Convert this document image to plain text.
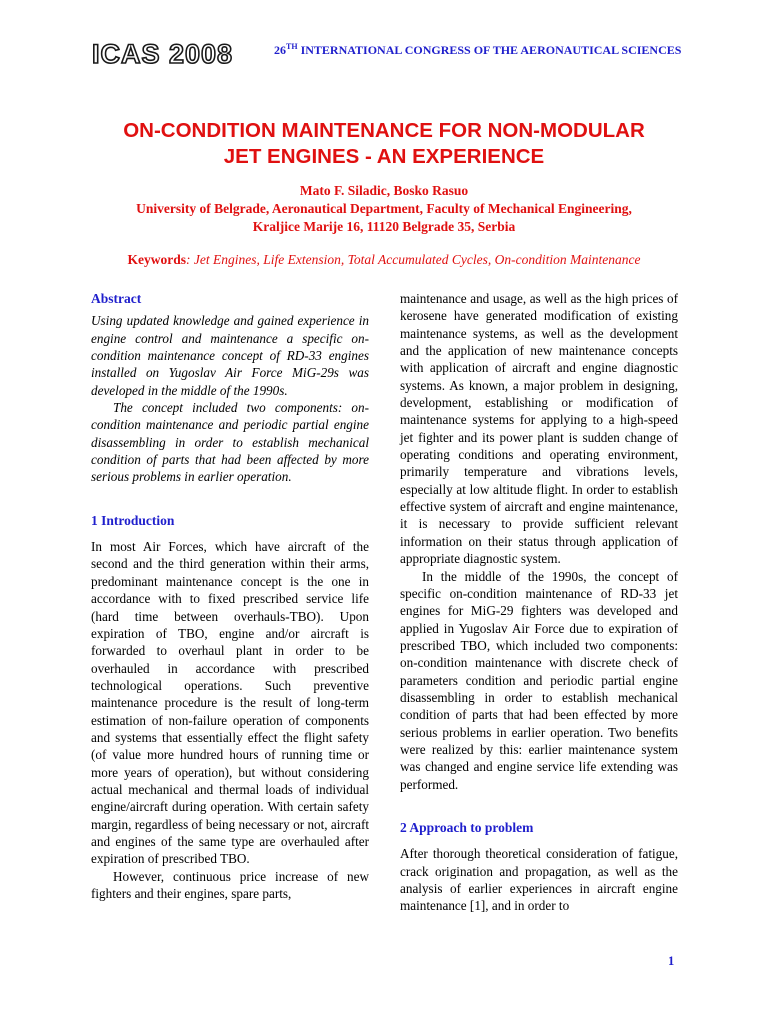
ICAS 2008	26TH INTERNATIONAL CONGRESS OF THE AERONAUTICAL SCIENCES
ON-CONDITION MAINTENANCE FOR NON-MODULAR
JET ENGINES - AN EXPERIENCE
Mato F. Siladic, Bosko Rasuo
University of Belgrade, Aeronautical Department, Faculty of Mechanical Engineering,
Kraljice Marije 16, 11120 Belgrade 35, Serbia
Keywords: Jet Engines, Life Extension, Total Accumulated Cycles, On-condition Maintenance

Abstract

Using updated knowledge and gained experience in engine control and maintenance a specific on-condition maintenance concept of RD-33 engines installed on Yugoslav Air Force MiG-29s was developed in the middle of the 1990s.

The concept included two components: on-condition maintenance and periodic partial engine disassembling in order to establish mechanical condition of parts that had been affected by more serious problems in earlier operation.

1 Introduction

In most Air Forces, which have aircraft of the second and the third generation within their arms, predominant maintenance concept is the one in accordance with to fixed prescribed service life (hard time between overhauls-TBO). Upon expiration of TBO, engine and/or aircraft is forwarded to overhaul plant in order to be overhauled in accordance with prescribed technological operations. Such preventive maintenance procedure is the result of long-term estimation of non-failure operation of components and systems that essentially effect the flight safety (of value more hundred hours of running time or more years of operation), but without considering actual mechanical and thermal loads of individual engine/aircraft during operation. With certain safety margin, regardless of being necessary or not, aircraft and engines of the same type are overhauled after expiration of prescribed TBO.

However, continuous price increase of new fighters and their engines, spare parts,

maintenance and usage, as well as the high prices of kerosene have generated modification of existing maintenance systems, as well as the development and the application of new maintenance concepts with application of aircraft and engine diagnostic systems. As known, a major problem in designing, development, establishing or modification of maintenance systems for applying to a high-speed jet fighter and its power plant is sudden change of operating conditions and operating environment, primarily temperature and vibrations levels, especially at low altitude flight. In order to establish effective system of aircraft and engine maintenance, it is necessary to provide sufficient relevant information on their status through application of appropriate diagnostic system.

In the middle of the 1990s, the concept of specific on-condition maintenance of RD-33 jet engines for MiG-29 fighters was developed and applied in Yugoslav Air Force due to expiration of prescribed TBO, which included two components: on-condition maintenance with discrete check of parameters condition and periodic partial engine disassembling in order to establish mechanical condition of parts that had been effected by more serious problems in earlier operation. Two benefits were realized by this: earlier maintenance system was changed and engine service life extending was performed.

2 Approach to problem

After thorough theoretical consideration of fatigue, crack origination and propagation, as well as the analysis of earlier experiences in aircraft engine maintenance [1], and in order to

1
